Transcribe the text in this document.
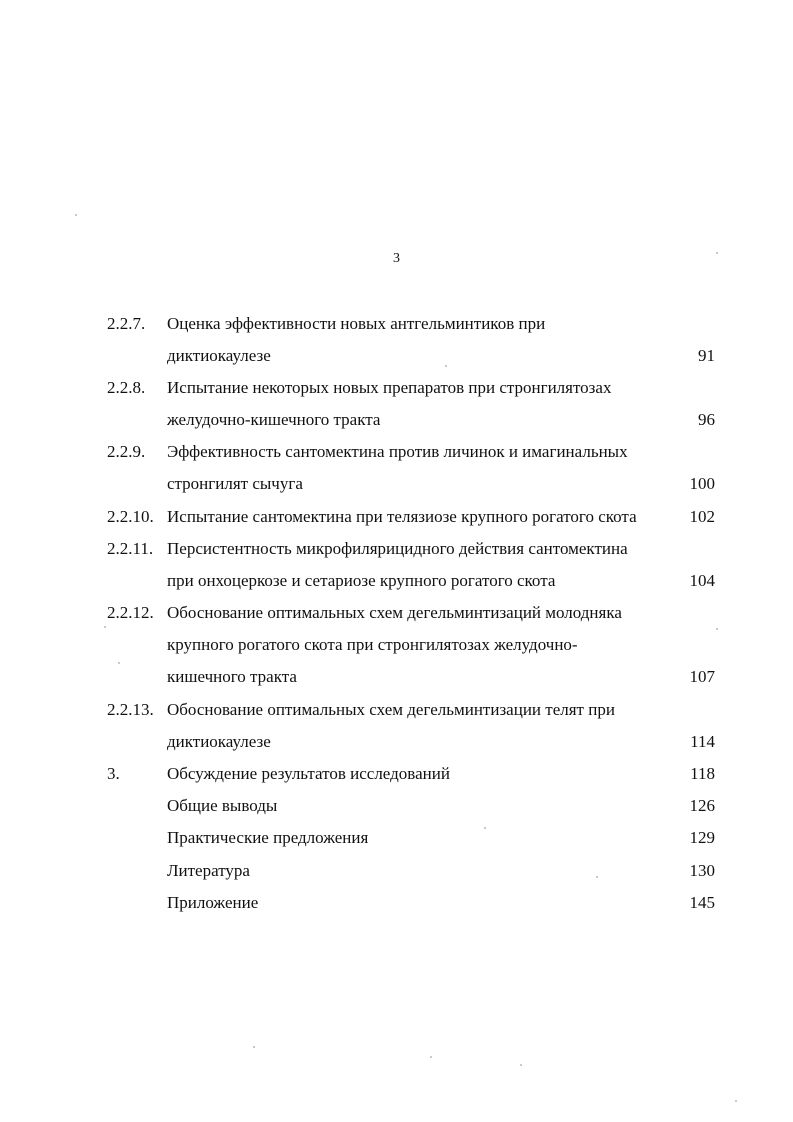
3
2.2.7. Оценка эффективности новых антгельминтиков при
диктиокаулезе	91
2.2.8. Испытание некоторых новых препаратов при стронгилятозах
желудочно-кишечного тракта	96
2.2.9. Эффективность сантомектина против личинок и имагинальных
стронгилят сычуга	100
2.2.10. Испытание сантомектина при телязиозе крупного рогатого скота	102
2.2.11. Персистентность микрофилярицидного действия сантомектина
при онхоцеркозе и сетариозе крупного рогатого скота	104
2.2.12. Обоснование оптимальных схем дегельминтизаций молодняка
крупного рогатого скота при стронгилятозах желудочно-
кишечного тракта	107
2.2.13. Обоснование оптимальных схем дегельминтизации телят при
диктиокаулезе	114
3.	Обсуждение результатов исследований	118
Общие выводы	126
Практические предложения	129
Литература	130
Приложение	145
